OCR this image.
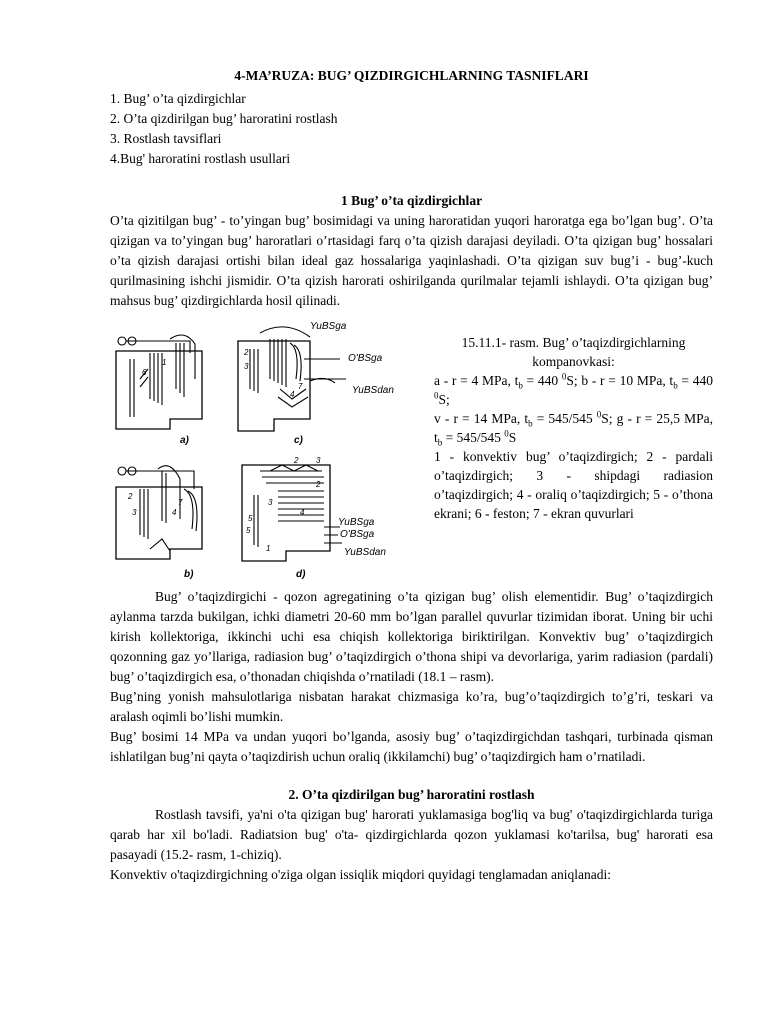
4-MA’RUZA: BUG’ QIZDIRGICHLARNING TASNIFLARI
1. Bug’ o’ta qizdirgichlar
2. O’ta qizdirilgan bug’ haroratini rostlash
3. Rostlash tavsiflari
4.Bug' haroratini rostlash usullari
1 Bug’ o’ta qizdirgichlar

O’ta qizitilgan bug’ - to’yingan bug’ bosimidagi va uning haroratidan yuqori haroratga ega bo’lgan bug’. O’ta qizigan va to’yingan bug’ haroratlari o’rtasidagi farq o’ta qizish darajasi deyiladi. O’ta qizigan bug’ hossalari o’ta qizish darajasi ortishi bilan ideal gaz hossalariga yaqinlashadi. O’ta qizigan suv bug’i - bug’-kuch qurilmasining ishchi jismidir. O’ta qizish harorati oshirilganda qurilmalar tejamli ishlaydi. O’ta qizigan bug’ mahsus bug’ qizdirgichlarda hosil qilinadi.

YuBSga
O'BSga
YuBSdan
YuBSga
O'BSga
YuBSdan
1
6
2
3
4
7
2
3	4
2 3
7
5
2
3
4
5
1
a)	c)
b)	d)
15.11.1- rasm. Bug’ o’taqizdirgichlarning kompanovkasi:
a - r = 4 MPa, $t_b = 440$ $^0$S; b - r = 10 MPa, $t_b = 440$ $^0$S;
v - r = 14 MPa, $t_b = 545/545$ $^0$S; g - r = 25,5 MPa, $t_b = 545/545$ $^0$S
1 - konvektiv bug’ o’taqizdirgich; 2 - pardali o’taqizdirgich; 3 - shipdagi radiasion o’taqizdirgich; 4 - oraliq o’taqizdirgich; 5 - o’thona ekrani; 6 - feston; 7 - ekran quvurlari

Bug’ o’taqizdirgichi - qozon agregatining o’ta qizigan bug’ olish elementidir. Bug’ o’taqizdirgich aylanma tarzda bukilgan, ichki diametri 20-60 mm bo’lgan parallel quvurlar tizimidan iborat. Uning bir uchi kirish kollektoriga, ikkinchi uchi esa chiqish kollektoriga biriktirilgan. Konvektiv bug’ o’taqizdirgich qozonning gaz yo’llariga, radiasion bug’ o’taqizdirgich o’thona shipi va devorlariga, yarim radiasion (pardali) bug’ o’taqizdirgich esa, o’thonadan chiqishda o’rnatiladi (18.1 – rasm).

Bug’ning yonish mahsulotlariga nisbatan harakat chizmasiga ko’ra, bug’o’taqizdirgich to’g’ri, teskari va aralash oqimli bo’lishi mumkin.

Bug’ bosimi 14 MPa va undan yuqori bo’lganda, asosiy bug’ o’taqizdirgichdan tashqari, turbinada qisman ishlatilgan bug’ni qayta o’taqizdirish uchun oraliq (ikkilamchi) bug’ o’taqizdirgich ham o’rnatiladi.

2. O’ta qizdirilgan bug’ haroratini rostlash

Rostlash tavsifi, ya'ni o'ta qizigan bug' harorati yuklamasiga bog'liq va bug' o'taqizdirgichlarda turiga qarab har xil bo'ladi. Radiatsion bug' o'ta- qizdirgichlarda qozon yuklamasi ko'tarilsa, bug' harorati esa pasayadi (15.2- rasm, 1-chiziq).

Konvektiv o'taqizdirgichning o'ziga olgan issiqlik miqdori quyidagi tenglamadan aniqlanadi:
